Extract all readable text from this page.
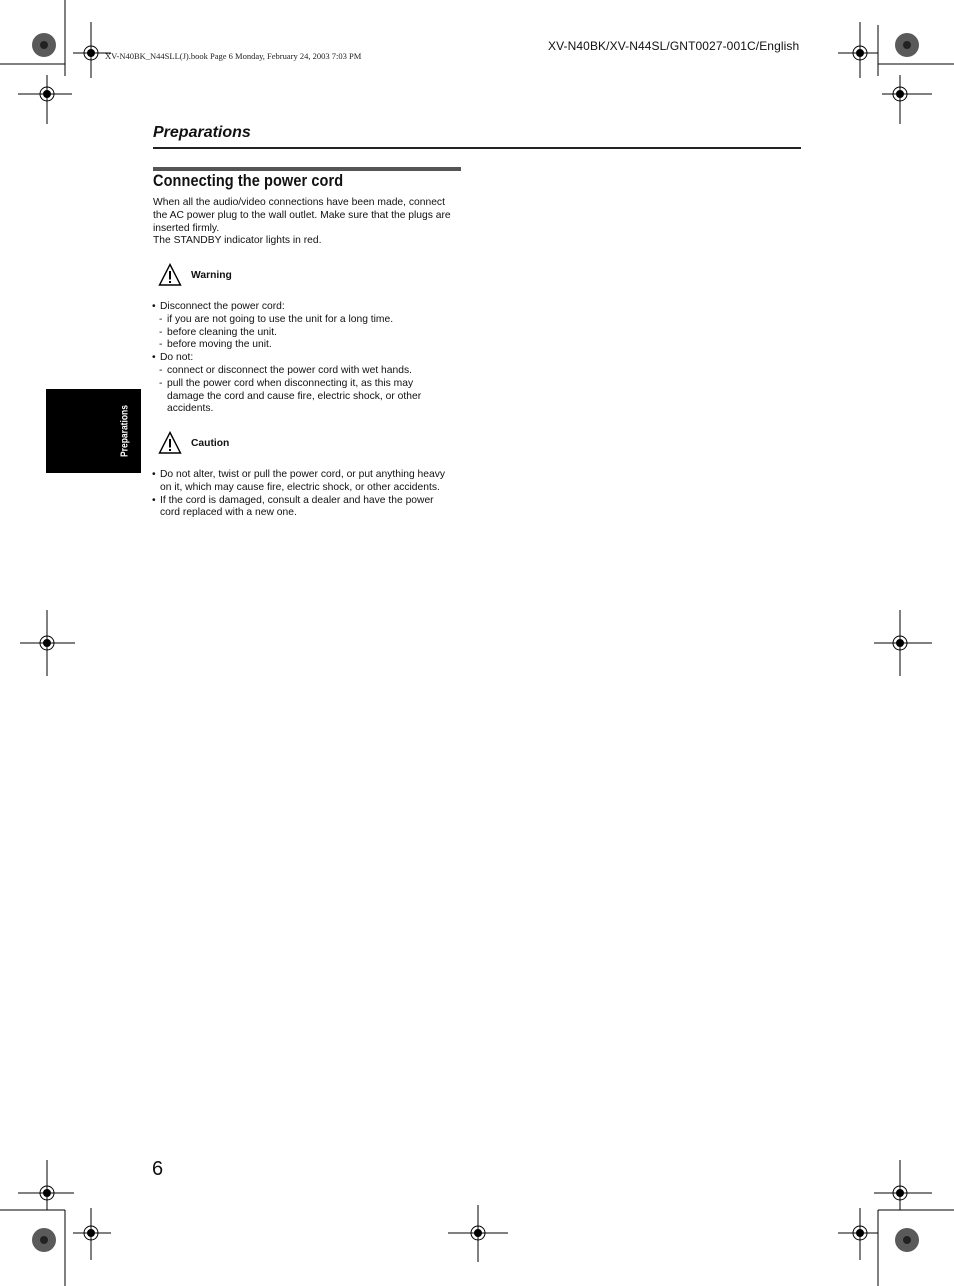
XV-N40BK_N44SLL(J).book Page 6 Monday, February 24, 2003 7:03 PM
XV-N40BK/XV-N44SL/GNT0027-001C/English
Preparations
Preparations
Connecting the power cord
When all the audio/video connections have been made, connect
the AC power plug to the wall outlet. Make sure that the plugs are
inserted firmly.
The STANDBY indicator lights in red.
Warning
• Disconnect the power cord:
- if you are not going to use the unit for a long time.
- before cleaning the unit.
- before moving the unit.
• Do not:
- connect or disconnect the power cord with wet hands.
- pull the power cord when disconnecting it, as this may
damage the cord and cause fire, electric shock, or other
accidents.
Caution
• Do not alter, twist or pull the power cord, or put anything heavy
on it, which may cause fire, electric shock, or other accidents.
• If the cord is damaged, consult a dealer and have the power
cord replaced with a new one.
6
